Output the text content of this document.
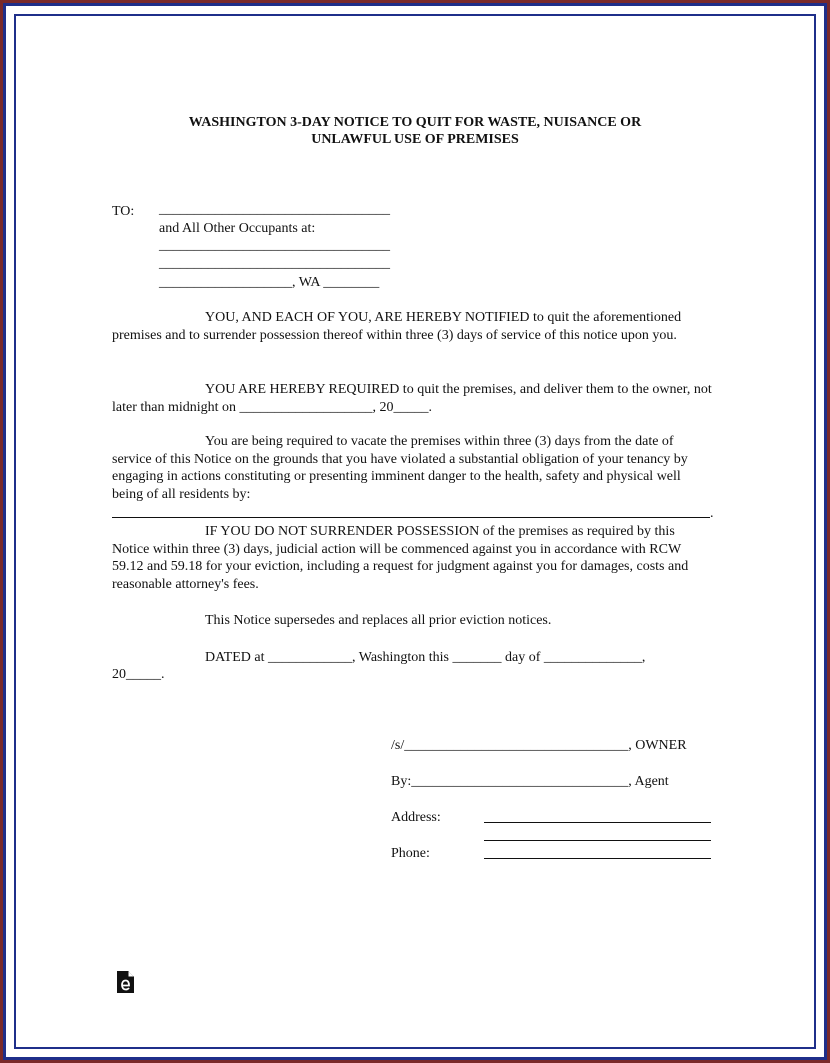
WASHINGTON 3-DAY NOTICE TO QUIT FOR WASTE, NUISANCE OR

UNLAWFUL USE OF PREMISES

TO: _________________________________

and All Other Occupants at:

_________________________________

_________________________________

___________________, WA ________

YOU, AND EACH OF YOU, ARE HEREBY NOTIFIED to quit the aforementioned premises and to surrender possession thereof within three (3) days of service of this notice upon you.

YOU ARE HEREBY REQUIRED to quit the premises, and deliver them to the owner, not later than midnight on ___________________, 20_____.

You are being required to vacate the premises within three (3) days from the date of service of this Notice on the grounds that you have violated a substantial obligation of your tenancy by engaging in actions constituting or presenting imminent danger to the health, safety and physical well being of all residents by:

.

IF YOU DO NOT SURRENDER POSSESSION of the premises as required by this Notice within three (3) days, judicial action will be commenced against you in accordance with RCW 59.12 and 59.18 for your eviction, including a request for judgment against you for damages, costs and reasonable attorney's fees.

This Notice supersedes and replaces all prior eviction notices.

DATED at ____________, Washington this _______ day of ______________,

20_____.

/s/________________________________, OWNER

By:_______________________________, Agent

Address:

Phone:
